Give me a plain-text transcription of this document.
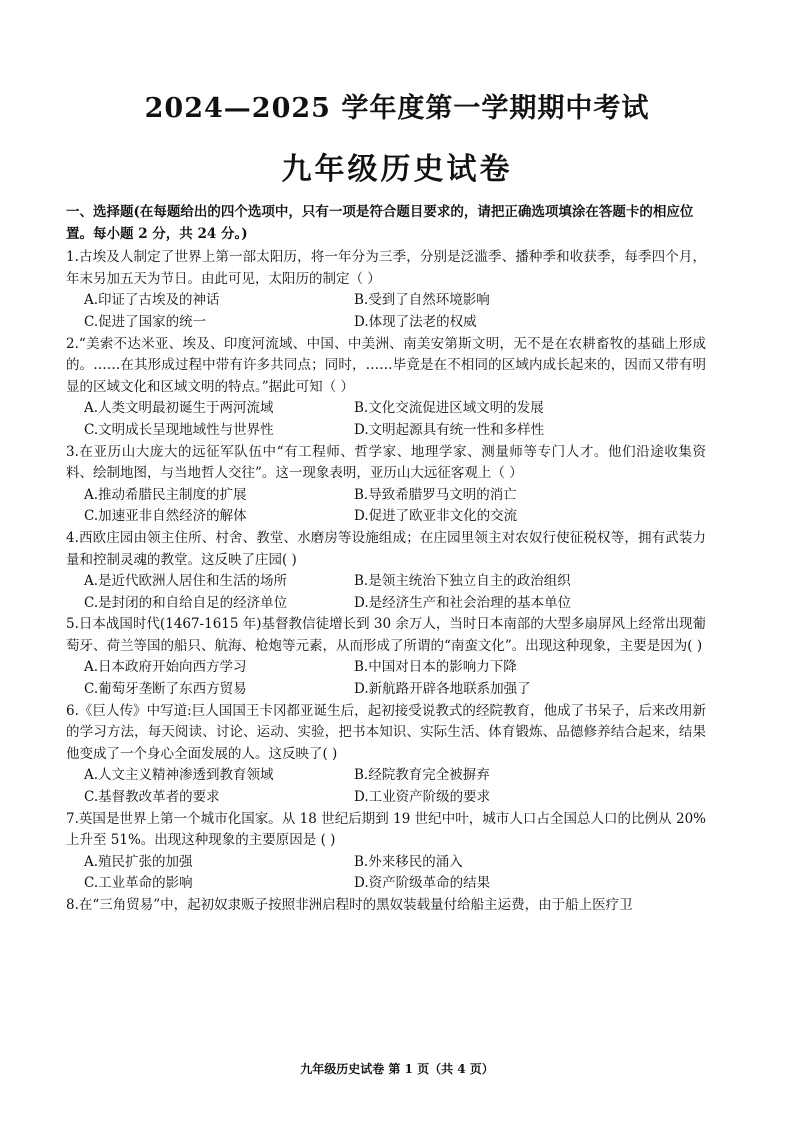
2024—2025 学年度第一学期期中考试
九年级历史试卷

一、选择题(在每题给出的四个选项中，只有一项是符合题目要求的，请把正确选项填涂在答题卡的相应位置。每小题 2 分，共 24 分。)

1.古埃及人制定了世界上第一部太阳历，将一年分为三季，分别是泛滥季、播种季和收获季，每季四个月，年末另加五天为节日。由此可见，太阳历的制定（ ）

A.印证了古埃及的神话	B.受到了自然环境影响
C.促进了国家的统一	D.体现了法老的权威

2.“美索不达米亚、埃及、印度河流域、中国、中美洲、南美安第斯文明，无不是在农耕畜牧的基础上形成的。……在其形成过程中带有许多共同点；同时，……毕竟是在不相同的区域内成长起来的，因而又带有明显的区域文化和区域文明的特点。”据此可知（ ）

A.人类文明最初诞生于两河流域	B.文化交流促进区域文明的发展
C.文明成长呈现地域性与世界性	D.文明起源具有统一性和多样性

3.在亚历山大庞大的远征军队伍中“有工程师、哲学家、地理学家、测量师等专门人才。他们沿途收集资料、绘制地图，与当地哲人交往”。这一现象表明，亚历山大远征客观上（ ）

A.推动希腊民主制度的扩展	B.导致希腊罗马文明的消亡
C.加速亚非自然经济的解体	D.促进了欧亚非文化的交流

4.西欧庄园由领主住所、村舍、教堂、水磨房等设施组成；在庄园里领主对农奴行使征税权等，拥有武装力量和控制灵魂的教堂。这反映了庄园( )

A.是近代欧洲人居住和生活的场所	B.是领主统治下独立自主的政治组织
C.是封闭的和自给自足的经济单位	D.是经济生产和社会治理的基本单位

5.日本战国时代(1467-1615 年)基督教信徒增长到 30 余万人，当时日本南部的大型多扇屏风上经常出现葡萄牙、荷兰等国的船只、航海、枪炮等元素，从而形成了所谓的“南蛮文化”。出现这种现象，主要是因为( )

A.日本政府开始向西方学习	B.中国对日本的影响力下降
C.葡萄牙垄断了东西方贸易	D.新航路开辟各地联系加强了

6.《巨人传》中写道:巨人国国王卡冈都亚诞生后，起初接受说教式的经院教育，他成了书呆子，后来改用新的学习方法，每天阅读、讨论、运动、实验，把书本知识、实际生活、体育锻炼、品德修养结合起来，结果他变成了一个身心全面发展的人。这反映了( )

A.人文主义精神渗透到教育领域	B.经院教育完全被摒弃
C.基督教改革者的要求	D.工业资产阶级的要求

7.英国是世界上第一个城市化国家。从 18 世纪后期到 19 世纪中叶，城市人口占全国总人口的比例从 20%上升至 51%。出现这种现象的主要原因是 ( )

A.殖民扩张的加强	B.外来移民的涌入
C.工业革命的影响	D.资产阶级革命的结果

8.在“三角贸易”中，起初奴隶贩子按照非洲启程时的黑奴装载量付给船主运费，由于船上医疗卫

九年级历史试卷 第 1 页（共 4 页）
